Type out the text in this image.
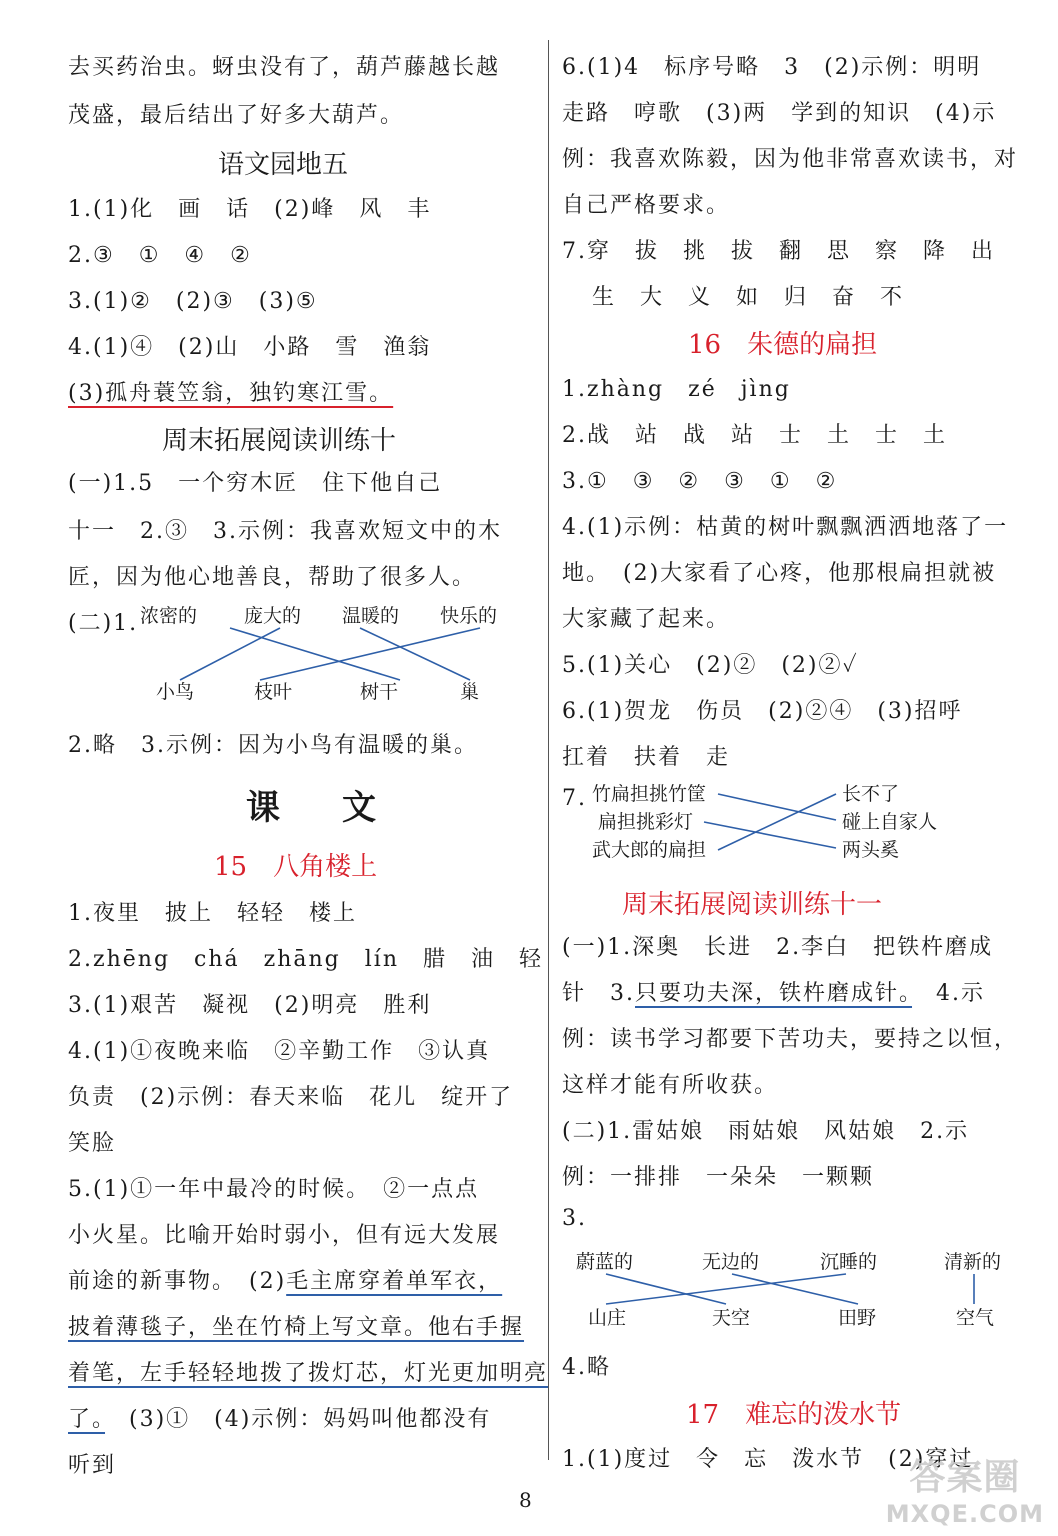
去买药治虫。蚜虫没有了，葫芦藤越长越
茂盛，最后结出了好多大葫芦。
语文园地五
1.(1)化　画　话　(2)峰　风　丰
2.③　①　④　②
3.(1)②　(2)③　(3)⑤
4.(1)④　(2)山　小路　雪　渔翁
(3)孤舟蓑笠翁，独钓寒江雪。
周末拓展阅读训练十
(一)1.5　一个穷木匠　住下他自己
十一　2.③　3.示例：我喜欢短文中的木
匠，因为他心地善良，帮助了很多人。
(二)1. 浓密的 庞大的 温暖的 快乐的
小鸟	枝叶	树干	巢
2.略　3.示例：因为小鸟有温暖的巢。
课　文
15　八角楼上
1.夜里　披上　轻轻　楼上
2.zhēng　chá　zhāng　lín　腊　油　轻
3.(1)艰苦　凝视　(2)明亮　胜利
4.(1)①夜晚来临　②辛勤工作　③认真
负责　(2)示例：春天来临　花儿　绽开了
笑脸
5.(1)①一年中最冷的时候。　②一点点
小火星。比喻开始时弱小，但有远大发展
前途的新事物。　(2)毛主席穿着单军衣，
披着薄毯子，坐在竹椅上写文章。他右手握
着笔，左手轻轻地拨了拨灯芯，灯光更加明亮
了。　(3)①　(4)示例：妈妈叫他都没有
听到
6.(1)4　标序号略　3　(2)示例：明明
走路　哼歌　(3)两　学到的知识　(4)示
例：我喜欢陈毅，因为他非常喜欢读书，对
自己严格要求。
7.穿　拔　挑　拔　翻　思　察　降　出
生　大　义　如　归　奋　不
16　朱德的扁担
1.zhàng　zé　jìng
2.战　站　战　站　士　土　士　土
3.①　③　②　③　①　②
4.(1)示例：枯黄的树叶飘飘洒洒地落了一
地。　(2)大家看了心疼，他那根扁担就被
大家藏了起来。
5.(1)关心　(2)②　(2)②✓
6.(1)贺龙　伤员　(2)②④　(3)招呼
扛着　扶着　走
7. 竹扁担挑竹筐
扁担挑彩灯
武大郎的扁担
长不了
碰上自家人
两头奚
周末拓展阅读训练十一
(一)1.深奥　长进　2.李白　把铁杵磨成
针　3.只要功夫深，铁杵磨成针。　4.示
例：读书学习都要下苦功夫，要持之以恒，
这样才能有所收获。
(二)1.雷姑娘　雨姑娘　风姑娘　2.示
例：一排排　一朵朵　一颗颗
3.
蔚蓝的	无边的	沉睡的	清新的
山庄	天空	田野	空气
4.略
17　难忘的泼水节
1.(1)度过　令　忘　泼水节　(2)穿过
8
答案圈
MXQE.COM
